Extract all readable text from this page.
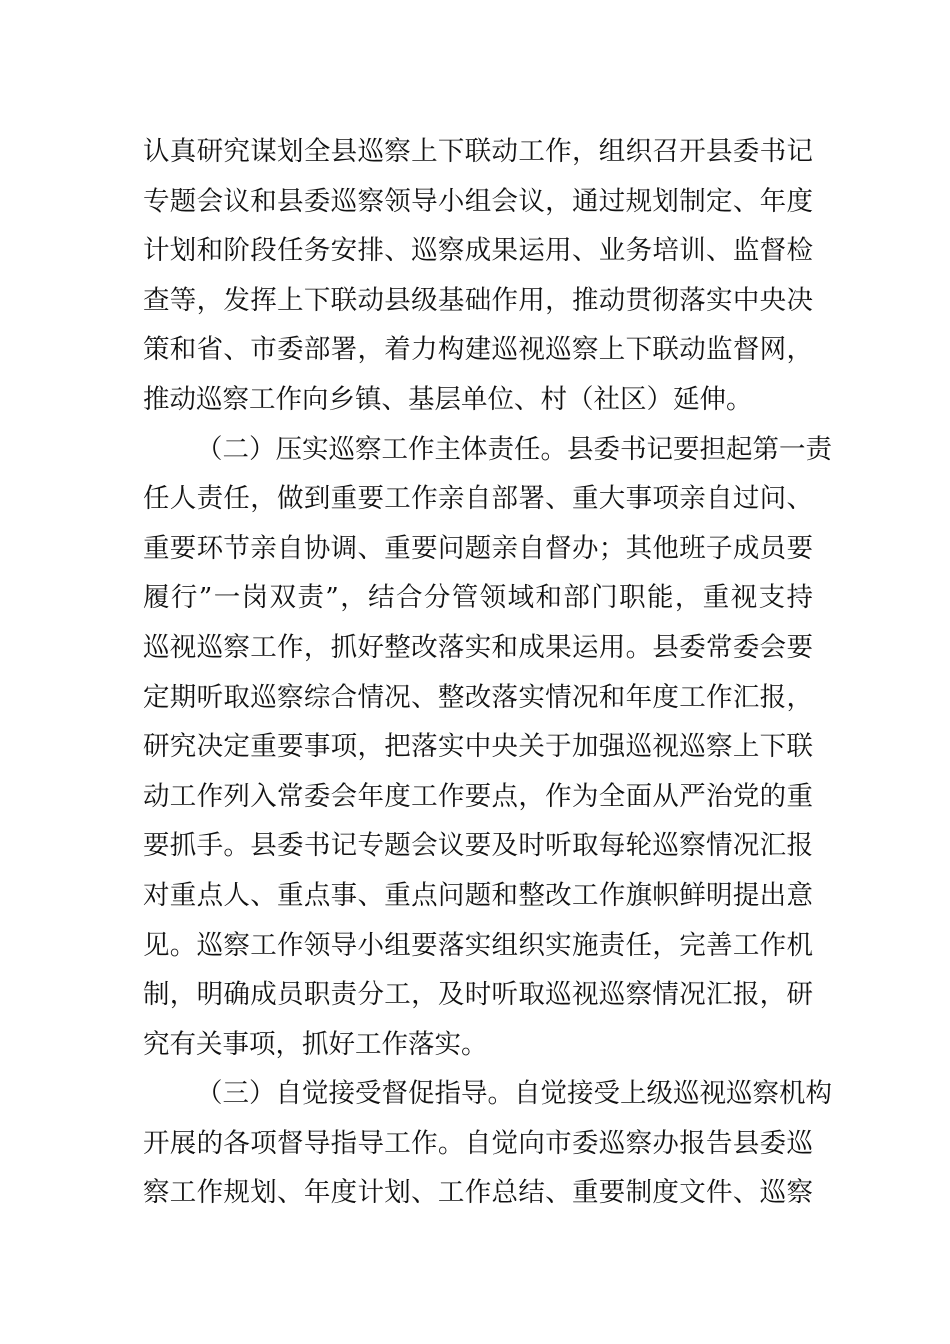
认真研究谋划全县巡察上下联动工作，组织召开县委书记
专题会议和县委巡察领导小组会议，通过规划制定、年度
计划和阶段任务安排、巡察成果运用、业务培训、监督检
查等，发挥上下联动县级基础作用，推动贯彻落实中央决
策和省、市委部署，着力构建巡视巡察上下联动监督网，
推动巡察工作向乡镇、基层单位、村（社区）延伸。
（二）压实巡察工作主体责任。县委书记要担起第一责
任人责任，做到重要工作亲自部署、重大事项亲自过问、
重要环节亲自协调、重要问题亲自督办；其他班子成员要
履行”一岗双责”，结合分管领域和部门职能，重视支持
巡视巡察工作，抓好整改落实和成果运用。县委常委会要
定期听取巡察综合情况、整改落实情况和年度工作汇报，
研究决定重要事项，把落实中央关于加强巡视巡察上下联
动工作列入常委会年度工作要点，作为全面从严治党的重
要抓手。县委书记专题会议要及时听取每轮巡察情况汇报
对重点人、重点事、重点问题和整改工作旗帜鲜明提出意
见。巡察工作领导小组要落实组织实施责任，完善工作机
制，明确成员职责分工，及时听取巡视巡察情况汇报，研
究有关事项，抓好工作落实。
（三）自觉接受督促指导。自觉接受上级巡视巡察机构
开展的各项督导指导工作。自觉向市委巡察办报告县委巡
察工作规划、年度计划、工作总结、重要制度文件、巡察
